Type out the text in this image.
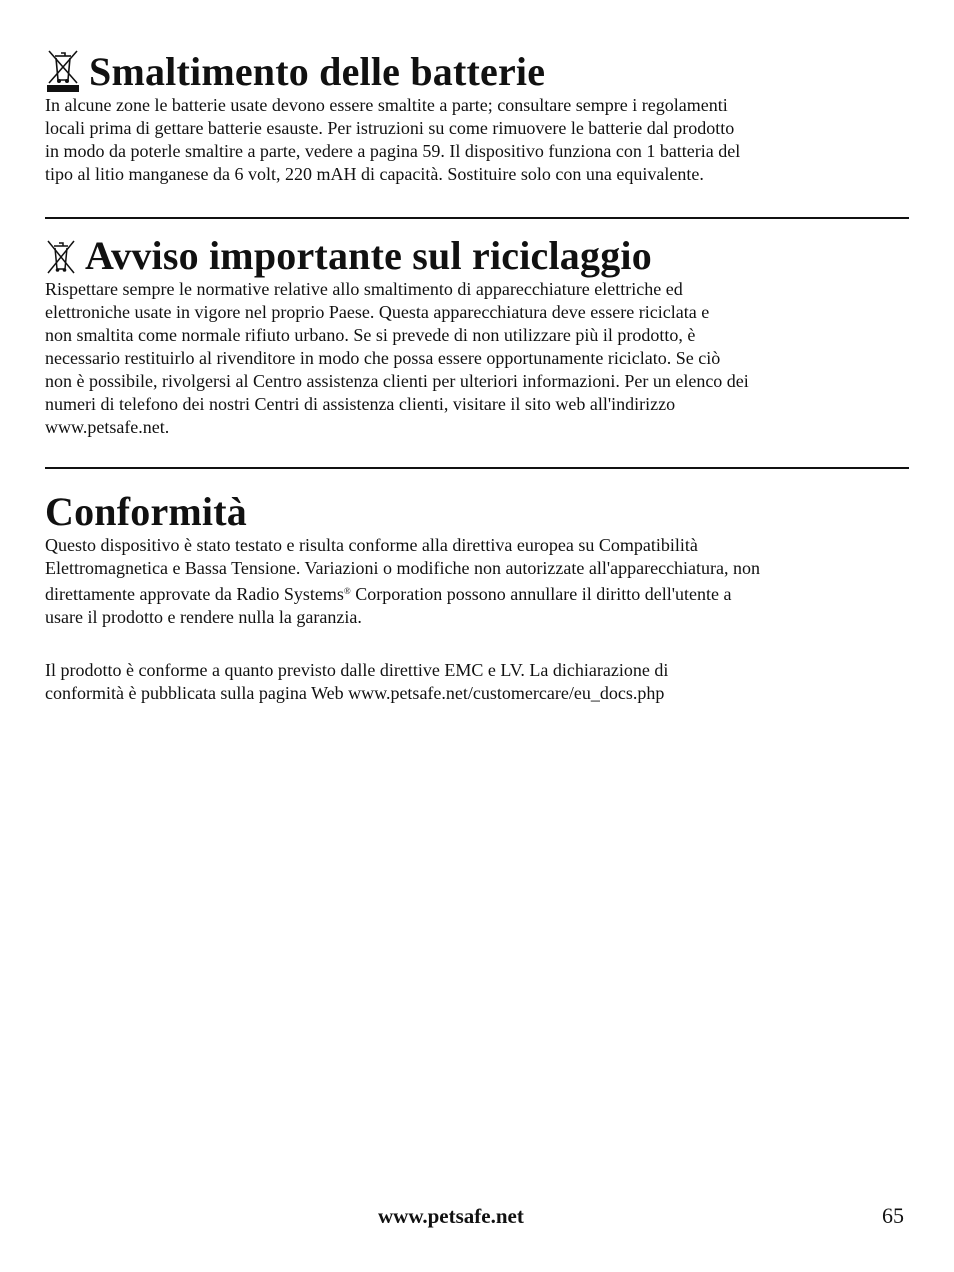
Smaltimento delle batterie

In alcune zone le batterie usate devono essere smaltite a parte; consultare sempre i regolamenti
locali prima di gettare batterie esauste. Per istruzioni su come rimuovere le batterie dal prodotto
in modo da poterle smaltire a parte, vedere a pagina 59. Il dispositivo funziona con 1 batteria del
tipo al litio manganese da 6 volt, 220 mAH di capacità. Sostituire solo con una equivalente.

Avviso importante sul riciclaggio

Rispettare sempre le normative relative allo smaltimento di apparecchiature elettriche ed
elettroniche usate in vigore nel proprio Paese. Questa apparecchiatura deve essere riciclata e
non smaltita come normale rifiuto urbano. Se si prevede di non utilizzare più il prodotto, è
necessario restituirlo al rivenditore in modo che possa essere opportunamente riciclato. Se ciò
non è possibile, rivolgersi al Centro assistenza clienti per ulteriori informazioni. Per un elenco dei
numeri di telefono dei nostri Centri di assistenza clienti, visitare il sito web all'indirizzo
www.petsafe.net.

Conformità

Questo dispositivo è stato testato e risulta conforme alla direttiva europea su Compatibilità
Elettromagnetica e Bassa Tensione. Variazioni o modifiche non autorizzate all'apparecchiatura, non
direttamente approvate da Radio Systems® Corporation possono annullare il diritto dell'utente a
usare il prodotto e rendere nulla la garanzia.

Il prodotto è conforme a quanto previsto dalle direttive EMC e LV. La dichiarazione di
conformità è pubblicata sulla pagina Web www.petsafe.net/customercare/eu_docs.php

www.petsafe.net	65
